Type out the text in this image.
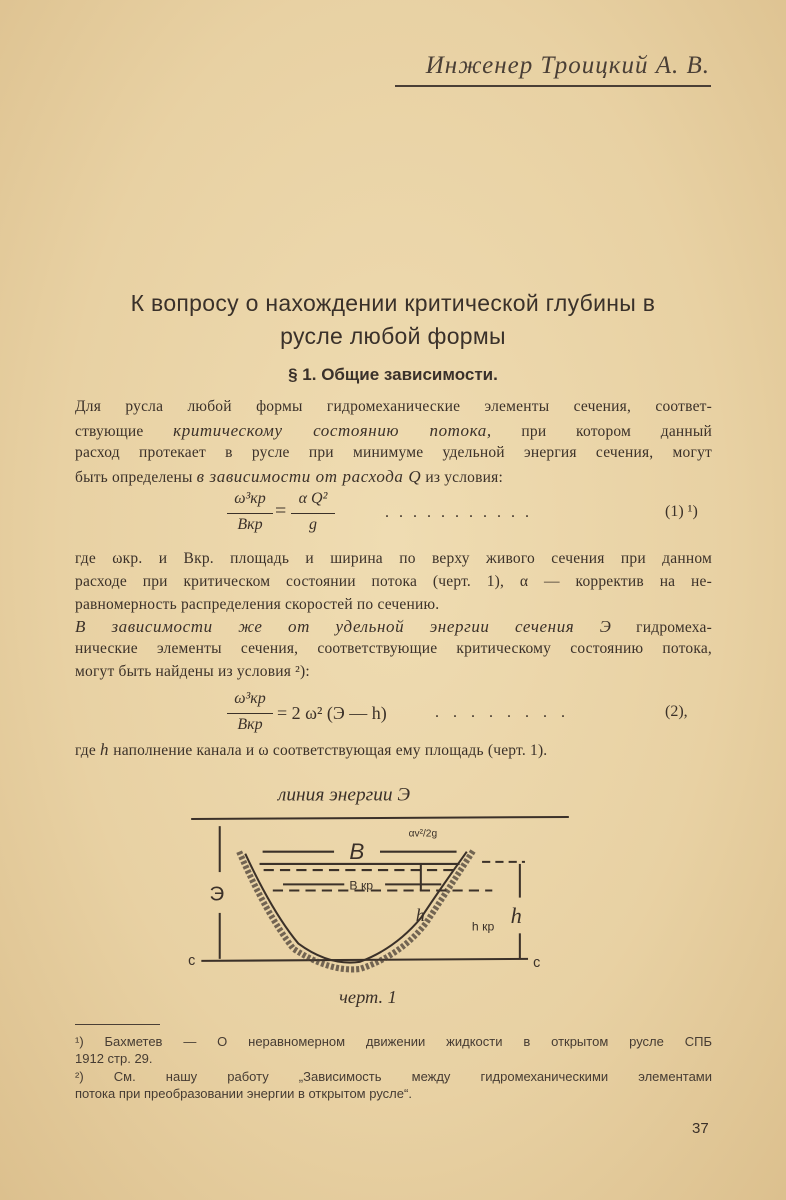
Инженер Троицкий А. В.
К вопросу о нахождении критической глубины в
русле любой формы
§ 1. Общие зависимости.
Для русла любой формы гидромеханические элементы сечения, соответ-
ствующие критическому состоянию потока, при котором данный
расход протекает в русле при минимуме удельной энергия сечения, могут
быть определены в зависимости от расхода Q из условия:
ω³кр
Bкр
=
α Q²
g
. . . . . . . . . . .	(1) ¹)
где ωкр. и Bкр. площадь и ширина по верху живого сечения при данном
расходе при критическом состоянии потока (черт. 1), α — корректив на не-
равномерность распределения скоростей по сечению.
В зависимости же от удельной энергии сечения Э гидромеха-
нические элементы сечения, соответствующие критическому состоянию потока,
могут быть найдены из условия ²):
ω³кр
Bкр
= 2 ω² (Э — h)	. . . . . . . .	(2),
где h наполнение канала и ω соответствующая ему площадь (черт. 1).
линия энергии Э
B
B кр
αv²/2g
Э
h	h
h кр
c	c
черт. 1
¹) Бахметев — О неравномерном движении жидкости в открытом русле СПБ
1912 стр. 29.
²) См. нашу работу „Зависимость между гидромеханическими элементами
потока при преобразовании энергии в открытом русле“.
37
